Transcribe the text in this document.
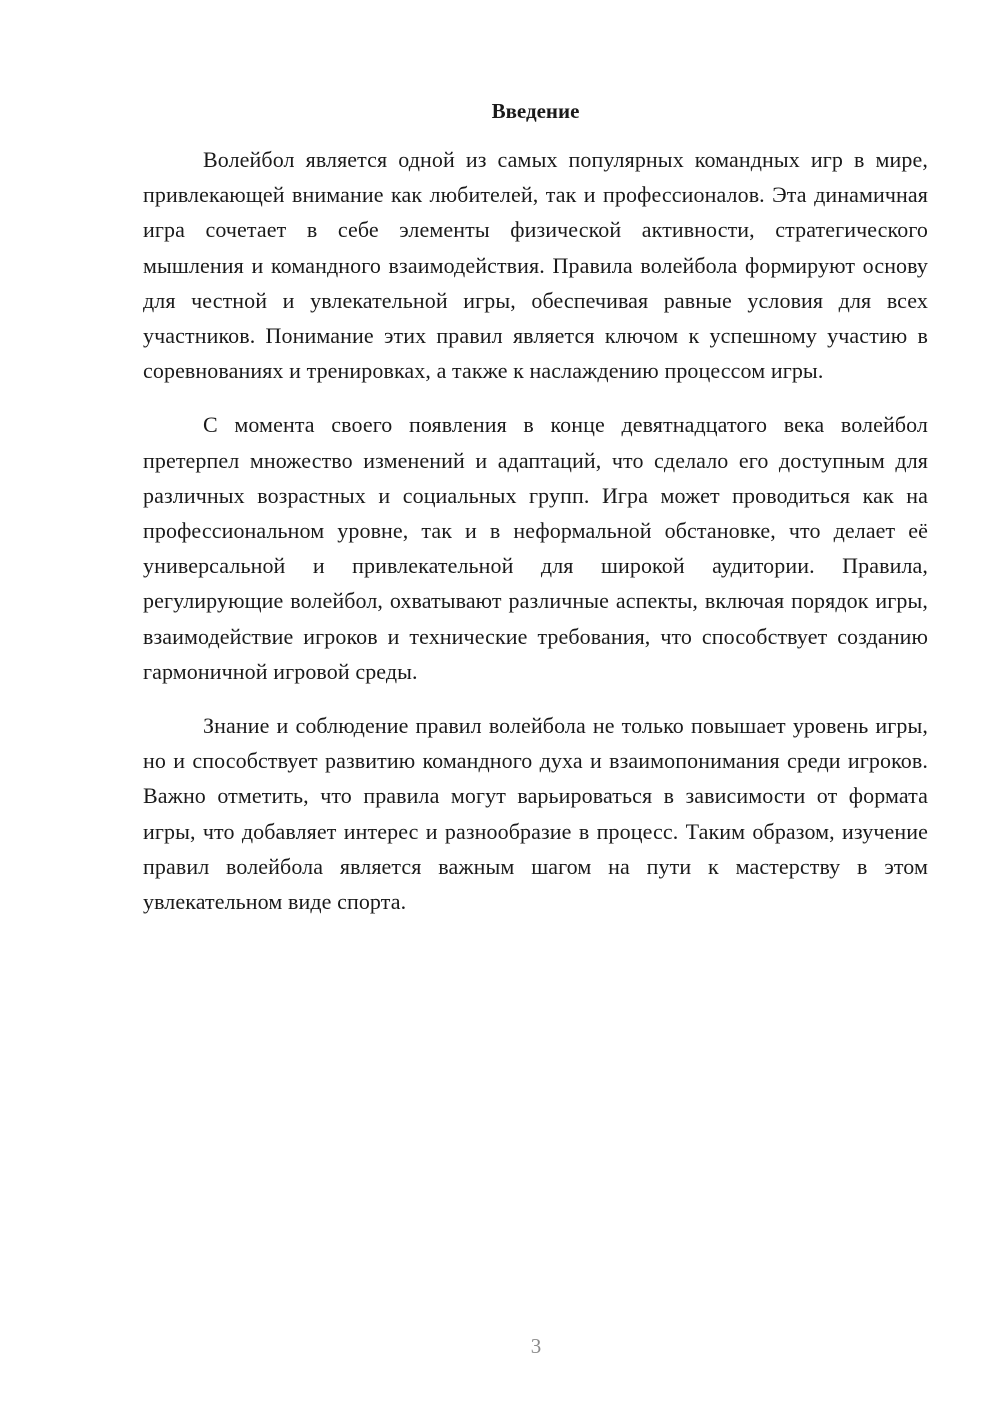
Введение

Волейбол является одной из самых популярных командных игр в мире, привлекающей внимание как любителей, так и профессионалов. Эта динамичная игра сочетает в себе элементы физической активности, стратегического мышления и командного взаимодействия. Правила волейбола формируют основу для честной и увлекательной игры, обеспечивая равные условия для всех участников. Понимание этих правил является ключом к успешному участию в соревнованиях и тренировках, а также к наслаждению процессом игры.

С момента своего появления в конце девятнадцатого века волейбол претерпел множество изменений и адаптаций, что сделало его доступным для различных возрастных и социальных групп. Игра может проводиться как на профессиональном уровне, так и в неформальной обстановке, что делает её универсальной и привлекательной для широкой аудитории. Правила, регулирующие волейбол, охватывают различные аспекты, включая порядок игры, взаимодействие игроков и технические требования, что способствует созданию гармоничной игровой среды.

Знание и соблюдение правил волейбола не только повышает уровень игры, но и способствует развитию командного духа и взаимопонимания среди игроков. Важно отметить, что правила могут варьироваться в зависимости от формата игры, что добавляет интерес и разнообразие в процесс. Таким образом, изучение правил волейбола является важным шагом на пути к мастерству в этом увлекательном виде спорта.

3
